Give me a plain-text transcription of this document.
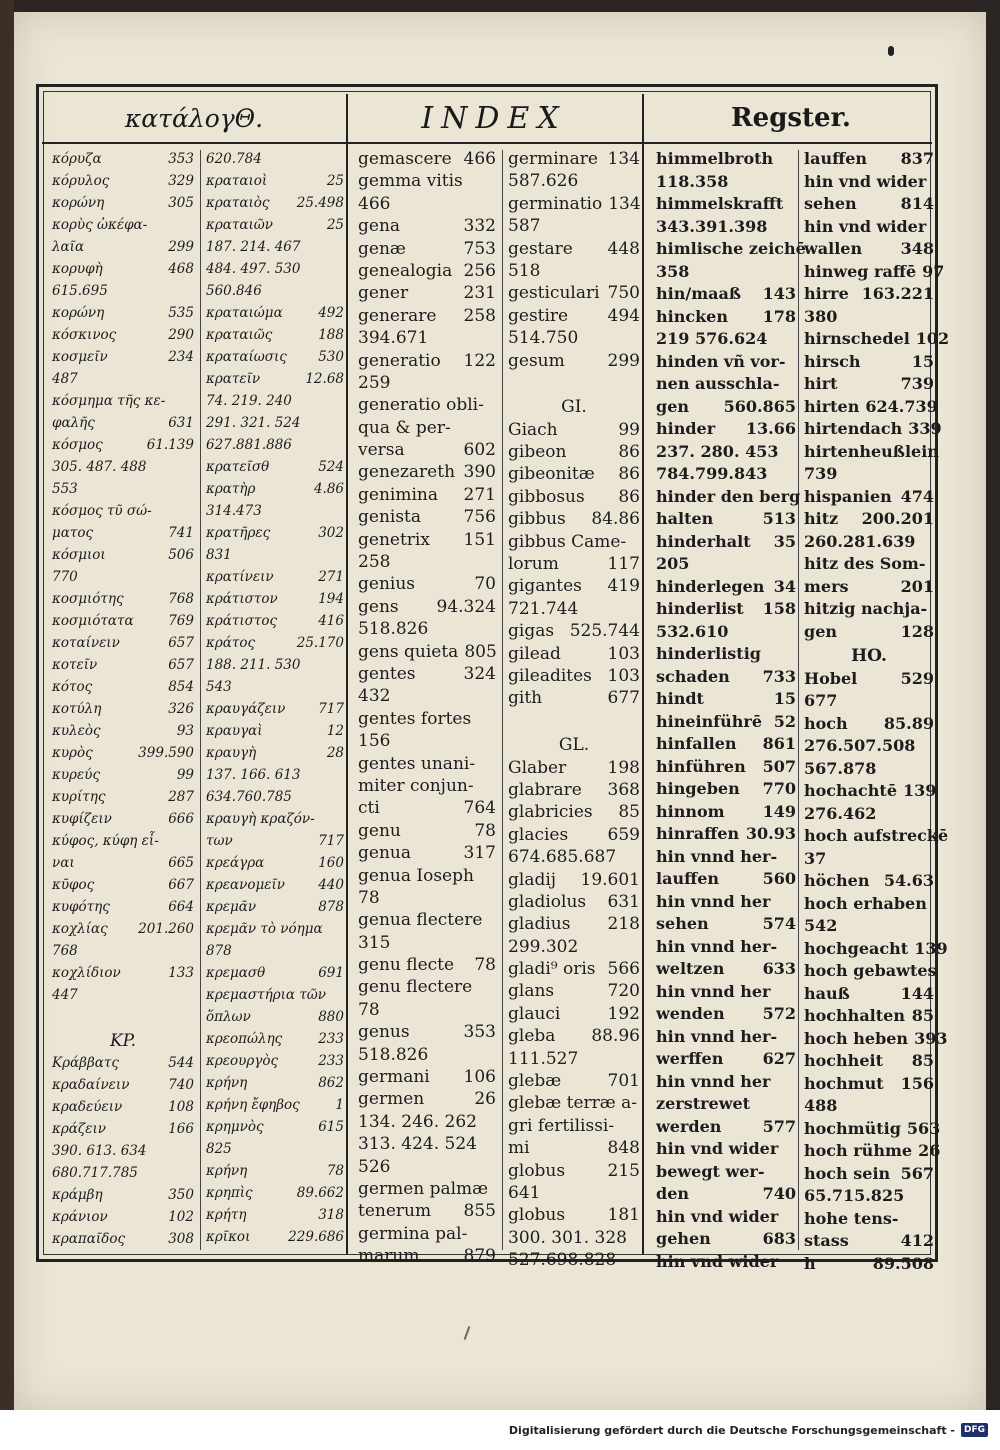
κατάλογΘ.	INDEX	Regster.
κόρυζα	353
κόρυλος	329
κορώνη	305
κορὺς ὠκέφα-
λαῖα	299
κορυφὴ	468
615.695
κορώνη	535
κόσκινος	290
κοσμεῖν	234
487
κόσμημα τῆς κε-
φαλῆς	631
κόσμος	61.139
305. 487. 488
553
κόσμος τῦ σώ-
ματος	741
κόσμιοι	506
770
κοσμιότης	768
κοσμιότατα	769
κοταίνειν	657
κοτεῖν	657
κότος	854
κοτύλη	326
κυλεὸς	93
κυρὸς	399.590
κυρεύς	99
κυρίτης	287
κυφίζειν	666
κύφος, κύφη εἶ-
ναι	665
κῦφος	667
κυφότης	664
κοχλίας	201.260
768
κοχλίδιον	133
447
KP.
Κράββατς	544
κραδαίνειν	740
κραδεύειν	108
κράζειν	166
390. 613. 634
680.717.785
κράμβη	350
κράνιον	102
κραπαῖδος	308
620.784
κραταιοὶ	25
κραταιὸς	25.498
κραταιῶν	25
187. 214. 467
484. 497. 530
560.846
κραταιώμα	492
κραταιῶς	188
κραταίωσις	530
κρατεῖν	12.68
74. 219. 240
291. 321. 524
627.881.886
κρατεῖσθ	524
κρατὴρ	4.86
314.473
κρατῆρες	302
831
κρατίνειν	271
κράτιστον	194
κράτιστος	416
κράτος	25.170
188. 211. 530
543
κραυγάζειν	717
κραυγαὶ	12
κραυγὴ	28
137. 166. 613
634.760.785
κραυγὴ κραζόν-
των	717
κρεάγρα	160
κρεανομεῖν	440
κρεμᾶν	878
κρεμᾶν τὸ νόημα
878
κρεμασθ	691
κρεμαστήρια τῶν
ὅπλων	880
κρεοπώλης	233
κρεουργὸς	233
κρήνη	862
κρήνη ἔφηβος	1
κρημνὸς	615
825
κρήνη	78
κρηπὶς	89.662
κρήτη	318
κρῖκοι	229.686
gemascere 466
gemma vitis
466
gena	332
genæ	753
genealogia 256
gener	231
generare	258
394.671
generatio	122
259
generatio obli-
qua & per-
versa	602
genezareth 390
genimina	271
genista	756
genetrix	151
258
genius	70
gens	94.324
518.826
gens quieta 805
gentes	324
432
gentes fortes
156
gentes unani-
miter conjun-
cti	764
genu	78
genua	317
genua Ioseph
78
genua flectere
315
genu flecte	78
genu flectere
78
genus	353
518.826
germani	106
germen	26
134. 246. 262
313. 424. 524
526
germen palmæ
tenerum	855
germina pal-
marum	879
germinare 134
587.626
germinatio 134
587
gestare	448
518
gesticulari 750
gestire	494
514.750
gesum	299
GI.
Giach	99
gibeon	86
gibeonitæ	86
gibbosus	86
gibbus	84.86
gibbus Came-
lorum	117
gigantes	419
721.744
gigas 525.744
gilead	103
gileadites 103
gith	677
GL.
Glaber	198
glabrare	368
glabricies	85
glacies	659
674.685.687
gladij	19.601
gladiolus	631
gladius	218
299.302
gladi⁹ oris 566
glans	720
glauci	192
gleba	88.96
111.527
glebæ	701
glebæ terræ a-
gri fertilissi-
mi	848
globus	215
641
globus	181
300. 301. 328
527.698.828
himmelbroth
118.358
himmelskrafft
343.391.398
himlische zeichē
358
hin/maaß	143
hincken	178
219 576.624
hinden vñ vor-
nen ausschla-
gen	560.865
hinder	13.66
237. 280. 453
784.799.843
hinder den berg
halten	513
hinderhalt	35
205
hinderlegen 34
hinderlist	158
532.610
hinderlistig
schaden	733
hindt	15
hineinführē 52
hinfallen	861
hinführen	507
hingeben	770
hinnom	149
hinraffen 30.93
hin vnnd her-
lauffen	560
hin vnnd her
sehen	574
hin vnnd her-
weltzen	633
hin vnnd her
wenden	572
hin vnnd her-
werffen	627
hin vnnd her
zerstrewet
werden	577
hin vnd wider
bewegt wer-
den	740
hin vnd wider
gehen	683
hin vnd wider
lauffen	837
hin vnd wider
sehen	814
hin vnd wider
wallen	348
hinweg raffē 97
hirre 163.221
380
hirnschedel 102
hirsch	15
hirt	739
hirten 624.739
hirtendach 339
hirtenheußlein
739
hispanien 474
hitz	200.201
260.281.639
hitz des Som-
mers	201
hitzig nachja-
gen	128
HO.
Hobel	529
677
hoch	85.89
276.507.508
567.878
hochachtē 139
276.462
hoch aufstreckē
37
höchen 54.63
hoch erhaben
542
hochgeacht 139
hoch gebawtes
hauß	144
hochhalten 85
hoch heben 393
hochheit	85
hochmut	156
488
hochmütig 563
hoch rühme 26
hoch sein 567
65.715.825
hohe tens-
stass	412
h	89.508
Digitalisierung gefördert durch die Deutsche Forschungsgemeinschaft -	DFG
